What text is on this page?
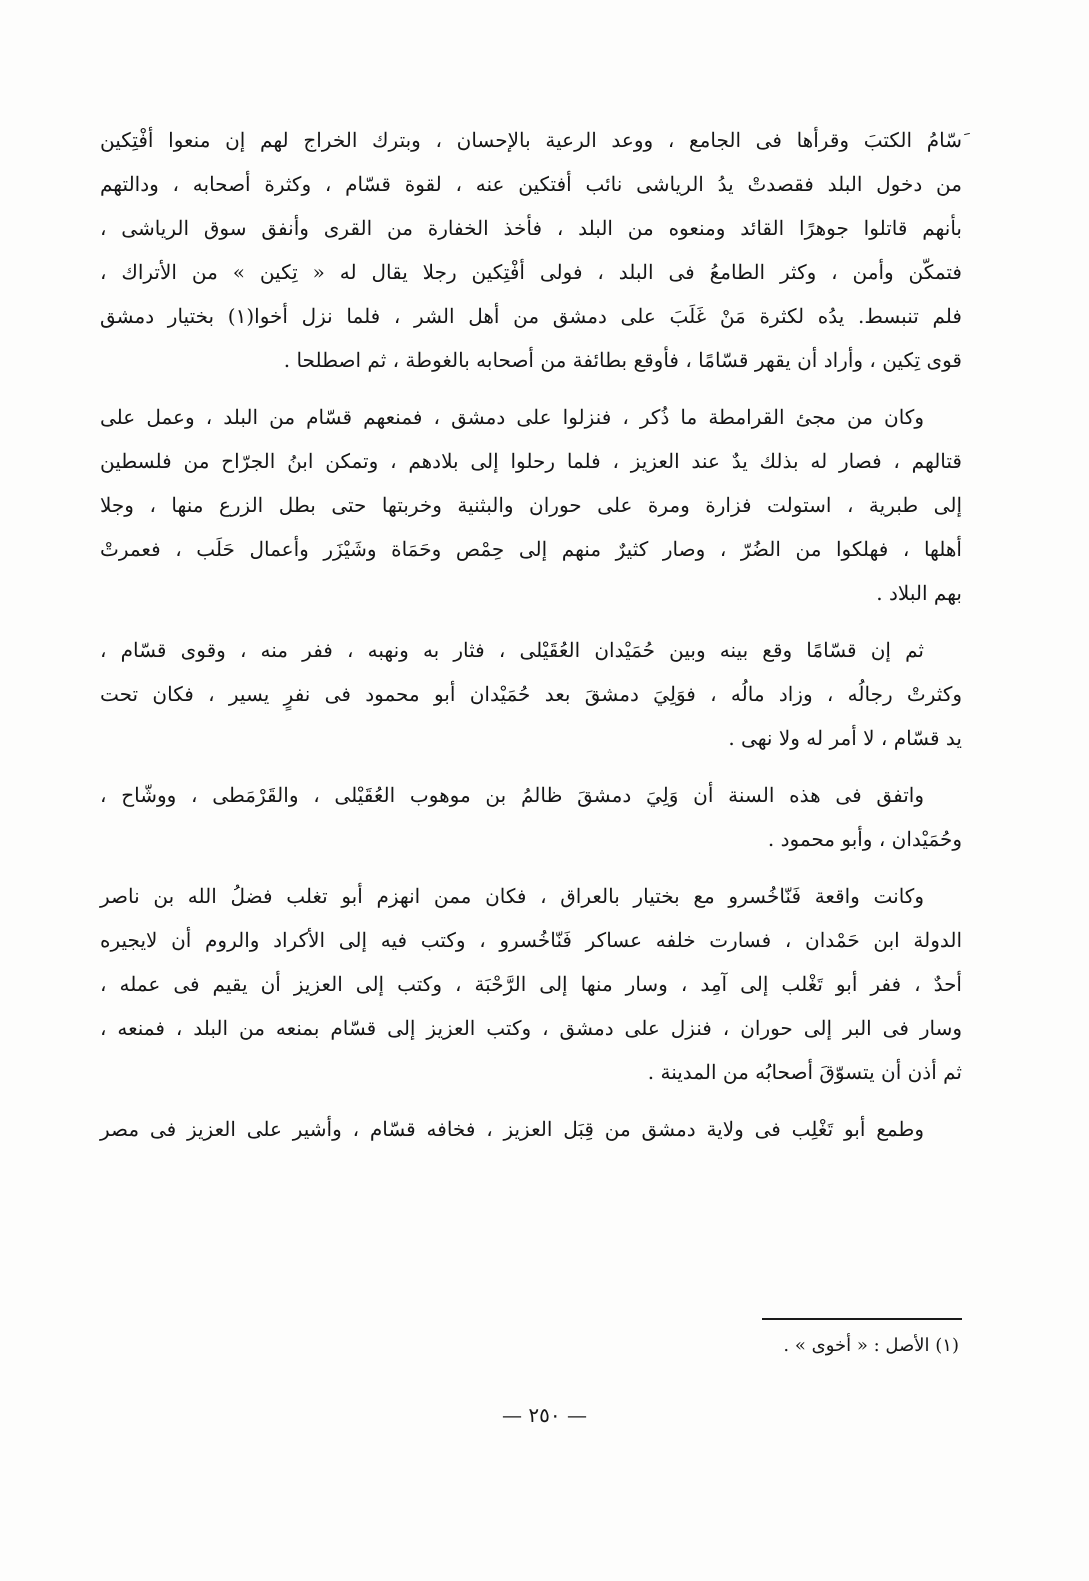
َسّامُ الكتبَ وقرأها فى الجامع ، ووعد الرعية بالإحسان ، وبترك الخراج لهم إن منعوا أفْتِكين
من دخول البلد فقصدتْ يدُ الرياشى نائب أفتكين عنه ، لقوة قسّام ، وكثرة أصحابه ، ودالتهم
بأنهم قاتلوا جوهرًا القائد ومنعوه من البلد ، فأخذ الخفارة من القرى وأنفق سوق الرياشى ،
فتمكّن وأمن ، وكثر الطامعُ فى البلد ، فولى أفْتِكين رجلا يقال له « تِكين » من الأتراك ،
فلم تنبسط. يدُه لكثرة مَنْ غَلَبَ على دمشق من أهل الشر ، فلما نزل أخوا(١) بختيار دمشق
قوى تِكين ، وأراد أن يقهر قسّامًا ، فأوقع بطائفة من أصحابه بالغوطة ، ثم اصطلحا .

وكان من مجئ القرامطة ما ذُكر ، فنزلوا على دمشق ، فمنعهم قسّام من البلد ، وعمل على
قتالهم ، فصار له بذلك يدٌ عند العزيز ، فلما رحلوا إلى بلادهم ، وتمكن ابنُ الجرّاح من فلسطين
إلى طبرية ، استولت فزارة ومرة على حوران والبثنية وخربتها حتى بطل الزرع منها ، وجلا
أهلها ، فهلكوا من الضُرّ ، وصار كثيرٌ منهم إلى حِمْص وحَمَاة وشَيْزَر وأعمال حَلَب ، فعمرتْ
بهم البلاد .

ثم إن قسّامًا وقع بينه وبين حُمَيْدان العُقَيْلى ، فثار به ونهبه ، ففر منه ، وقوى قسّام ،
وكثرتْ رجالُه ، وزاد مالُه ، فوَلِيَ دمشقَ بعد حُمَيْدان أبو محمود فى نفرٍ يسير ، فكان تحت
يد قسّام ، لا أمر له ولا نهى .

واتفق فى هذه السنة أن وَلِيَ دمشقَ ظالمُ بن موهوب العُقَيْلى ، والقَرْمَطى ، ووشّاح ،
وحُمَيْدان ، وأبو محمود .

وكانت واقعة فَنّاخُسرو مع بختيار بالعراق ، فكان ممن انهزم أبو تغلب فضلُ الله بن ناصر
الدولة ابن حَمْدان ، فسارت خلفه عساكر فَنّاخُسرو ، وكتب فيه إلى الأكراد والروم أن لايجيره
أحدٌ ، ففر أبو تَغْلب إلى آمِد ، وسار منها إلى الرَّحْبَة ، وكتب إلى العزيز أن يقيم فى عمله ،
وسار فى البر إلى حوران ، فنزل على دمشق ، وكتب العزيز إلى قسّام بمنعه من البلد ، فمنعه ،
ثم أذن أن يتسوّقَ أصحابُه من المدينة .

وطمع أبو تَغْلِب فى ولاية دمشق من قِبَل العزيز ، فخافه قسّام ، وأشير على العزيز فى مصر

(١) الأصل : « أخوى » .
— ٢٥٠ —
